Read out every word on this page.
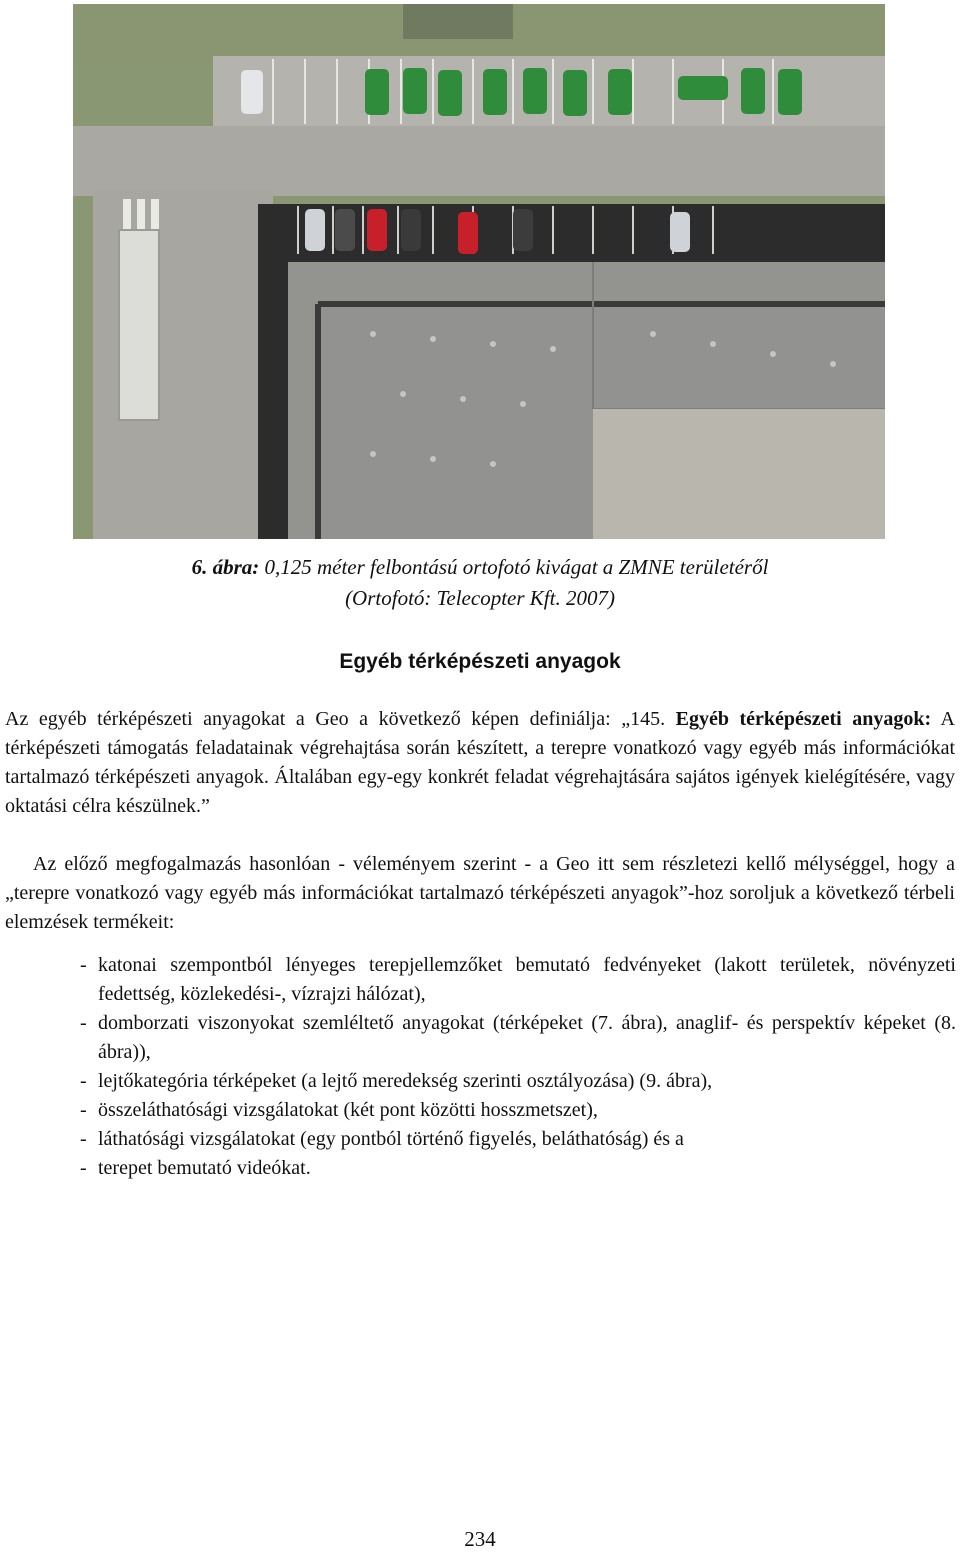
6. ábra: 0,125 méter felbontású ortofotó kivágat a ZMNE területéről
(Ortofotó: Telecopter Kft. 2007)
Egyéb térképészeti anyagok

Az egyéb térképészeti anyagokat a Geo a következő képen definiálja: „145. Egyéb térképészeti anyagok: A térképészeti támogatás feladatainak végrehajtása során készített, a terepre vonatkozó vagy egyéb más információkat tartalmazó térképészeti anyagok. Általában egy-egy konkrét feladat végrehajtására sajátos igények kielégítésére, vagy oktatási célra készülnek.”

Az előző megfogalmazás hasonlóan - véleményem szerint - a Geo itt sem részletezi kellő mélységgel, hogy a „terepre vonatkozó vagy egyéb más információkat tartalmazó térképészeti anyagok”-hoz soroljuk a következő térbeli elemzések termékeit:

- katonai szempontból lényeges terepjellemzőket bemutató fedvényeket (lakott területek, növényzeti fedettség, közlekedési-, vízrajzi hálózat),
- domborzati viszonyokat szemléltető anyagokat (térképeket (7. ábra), anaglif- és perspektív képeket (8. ábra)),
- lejtőkategória térképeket (a lejtő meredekség szerinti osztályozása) (9. ábra),
- összeláthatósági vizsgálatokat (két pont közötti hosszmetszet),
- láthatósági vizsgálatokat (egy pontból történő figyelés, beláthatóság) és a
- terepet bemutató videókat.
234
